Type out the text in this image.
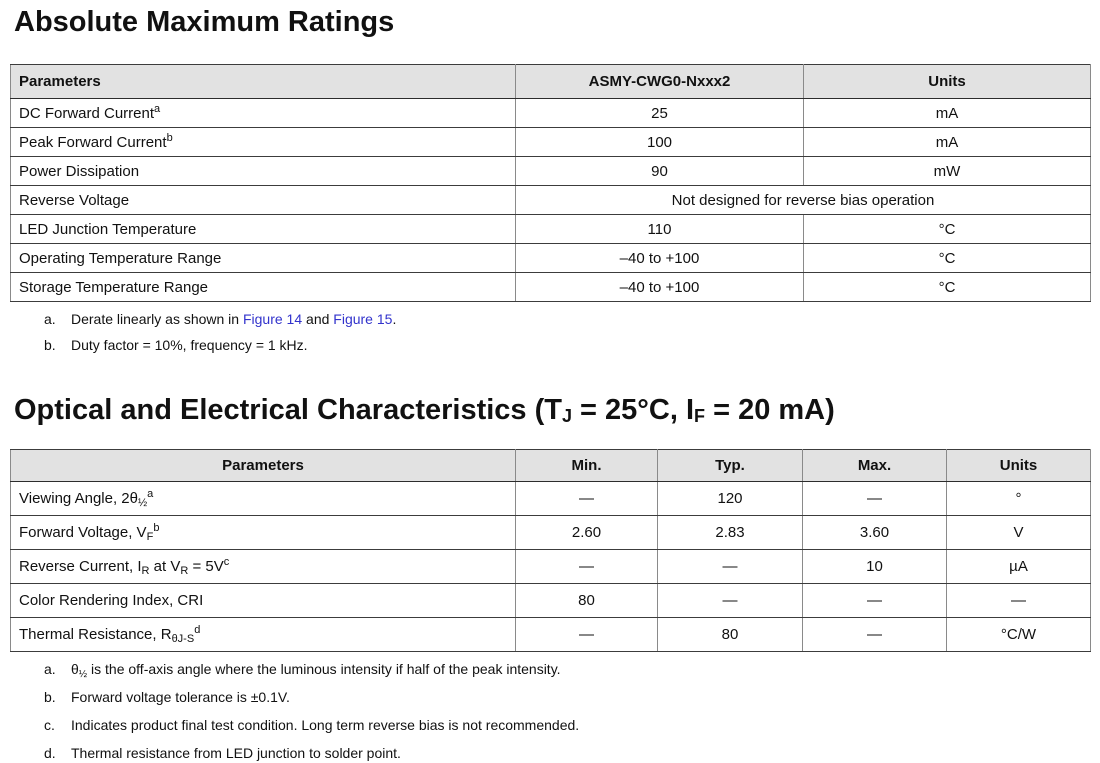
Absolute Maximum Ratings
Parameters	ASMY-CWG0-Nxxx2	Units
DC Forward Current$^a$	25	mA
Peak Forward Current$^b$	100	mA
Power Dissipation	90	mW
Reverse Voltage	Not designed for reverse bias operation	
LED Junction Temperature	110	°C
Operating Temperature Range	–40 to +100	°C
Storage Temperature Range	–40 to +100	°C
a.	Derate linearly as shown in Figure 14 and Figure 15.
b.	Duty factor = 10%, frequency = 1 kHz.
Optical and Electrical Characteristics ($T_J = 25^\circ C$, $I_F = 20$ mA)
Parameters	Min.	Typ.	Max.	Units
Viewing Angle, $2\theta_{\frac{1}{2}}^a$	—	120	—	°
Forward Voltage, $V_F^b$	2.60	2.83	3.60	V
Reverse Current, $I_R$ at $V_R = 5V^c$	—	—	10	µA
Color Rendering Index, CRI	80	—	—	—
Thermal Resistance, $R_{\theta J-S}^d$	—	80	—	°C/W
a.	$\theta_{\frac{1}{2}}$ is the off-axis angle where the luminous intensity if half of the peak intensity.
b.	Forward voltage tolerance is ±0.1V.
c.	Indicates product final test condition. Long term reverse bias is not recommended.
d.	Thermal resistance from LED junction to solder point.
